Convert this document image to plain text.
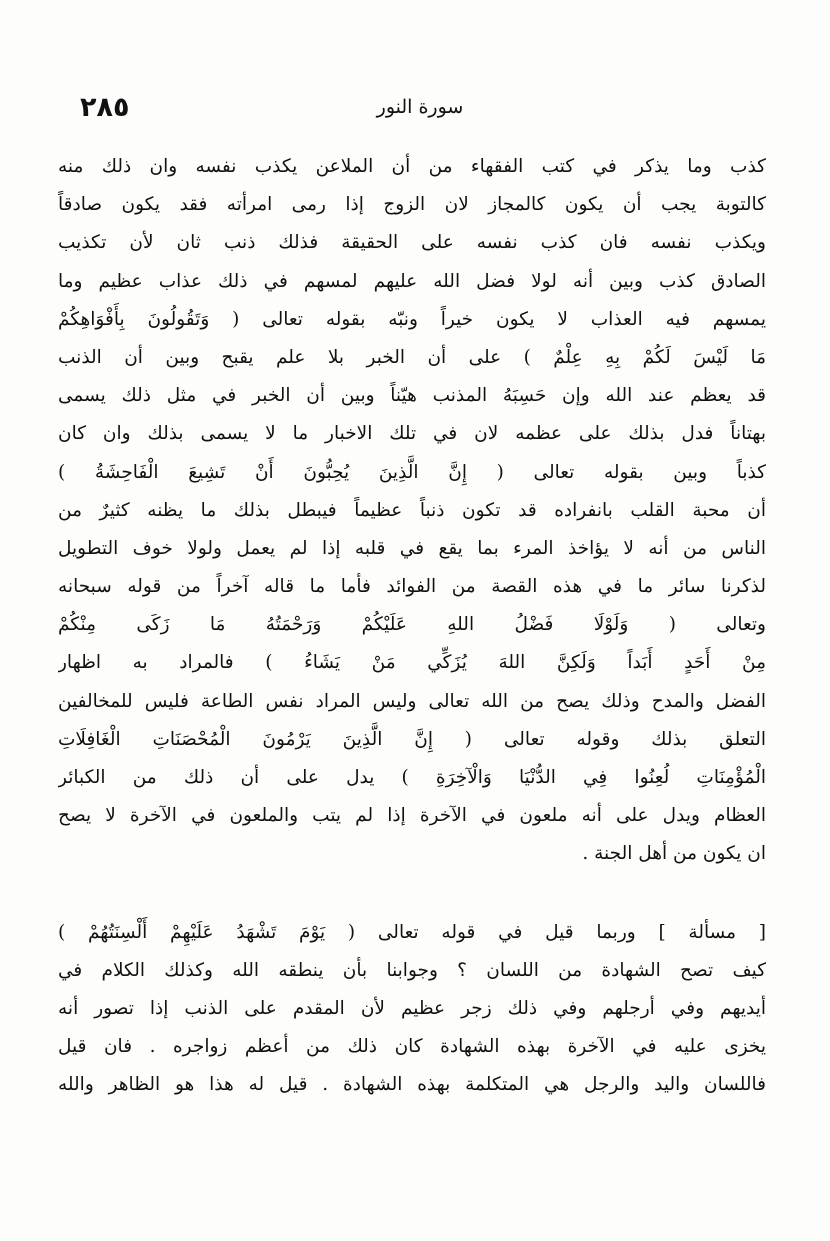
٢٨٥	سورة النور
كذب وما يذكر في كتب الفقهاء من أن الملاعن يكذب نفسه وان ذلك منه
كالتوبة يجب أن يكون كالمجاز لان الزوج إذا رمى امرأته فقد يكون صادقاً
ويكذب نفسه فان كذب نفسه على الحقيقة فذلك ذنب ثان لأن تكذيب
الصادق كذب وبين أنه لولا فضل الله عليهم لمسهم في ذلك عذاب عظيم وما
يمسهم فيه العذاب لا يكون خيراً ونبّه بقوله تعالى ( وَتَقُولُونَ بِأَفْوَاهِكُمْ
مَا لَيْسَ لَكُمْ بِهِ عِلْمٌ ) على أن الخبر بلا علم يقبح وبين أن الذنب
قد يعظم عند الله وإن حَسِبَهُ المذنب هيّناً وبين أن الخبر في مثل ذلك يسمى
بهتاناً فدل بذلك على عظمه لان في تلك الاخبار ما لا يسمى بذلك وان كان
كذباً وبين بقوله تعالى ( إِنَّ الَّذِينَ يُحِبُّونَ أَنْ تَشِيعَ الْفَاحِشَةُ )
أن محبة القلب بانفراده قد تكون ذنباً عظيماً فيبطل بذلك ما يظنه كثيرٌ من
الناس من أنه لا يؤاخذ المرء بما يقع في قلبه إذا لم يعمل ولولا خوف التطويل
لذكرنا سائر ما في هذه القصة من الفوائد فأما ما قاله آخراً من قوله سبحانه
وتعالى ( وَلَوْلَا فَضْلُ اللهِ عَلَيْكُمْ وَرَحْمَتُهُ مَا زَكَى مِنْكُمْ
مِنْ أَحَدٍ أَبَداً وَلَكِنَّ اللهَ يُزَكِّي مَنْ يَشَاءُ ) فالمراد به اظهار
الفضل والمدح وذلك يصح من الله تعالى وليس المراد نفس الطاعة فليس للمخالفين
التعلق بذلك وقوله تعالى ( إِنَّ الَّذِينَ يَرْمُونَ الْمُحْصَنَاتِ الْغَافِلَاتِ
الْمُؤْمِنَاتِ لُعِنُوا فِي الدُّنْيَا وَالْآخِرَةِ ) يدل على أن ذلك من الكبائر
العظام ويدل على أنه ملعون في الآخرة إذا لم يتب والملعون في الآخرة لا يصح
ان يكون من أهل الجنة .
[ مسألة ] وربما قيل في قوله تعالى ( يَوْمَ تَشْهَدُ عَلَيْهِمْ أَلْسِنَتُهُمْ )
كيف تصح الشهادة من اللسان ؟ وجوابنا بأن ينطقه الله وكذلك الكلام في
أيديهم وفي أرجلهم وفي ذلك زجر عظيم لأن المقدم على الذنب إذا تصور أنه
يخزى عليه في الآخرة بهذه الشهادة كان ذلك من أعظم زواجره . فان قيل
فاللسان واليد والرجل هي المتكلمة بهذه الشهادة . قيل له هذا هو الظاهر والله
